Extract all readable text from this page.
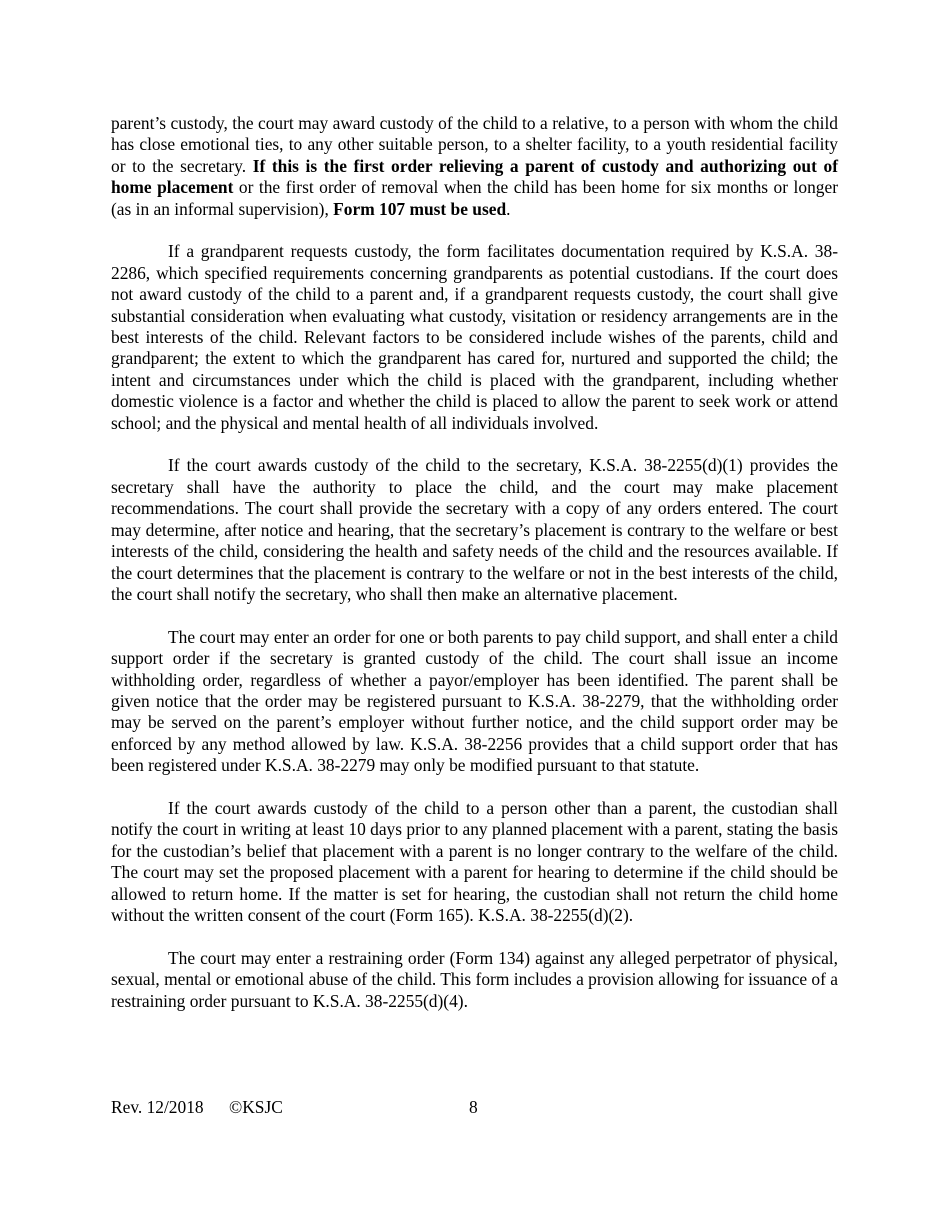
parent’s custody, the court may award custody of the child to a relative, to a person with whom the child has close emotional ties, to any other suitable person, to a shelter facility, to a youth residential facility or to the secretary. If this is the first order relieving a parent of custody and authorizing out of home placement or the first order of removal when the child has been home for six months or longer (as in an informal supervision), Form 107 must be used.

If a grandparent requests custody, the form facilitates documentation required by K.S.A. 38-2286, which specified requirements concerning grandparents as potential custodians. If the court does not award custody of the child to a parent and, if a grandparent requests custody, the court shall give substantial consideration when evaluating what custody, visitation or residency arrangements are in the best interests of the child. Relevant factors to be considered include wishes of the parents, child and grandparent; the extent to which the grandparent has cared for, nurtured and supported the child; the intent and circumstances under which the child is placed with the grandparent, including whether domestic violence is a factor and whether the child is placed to allow the parent to seek work or attend school; and the physical and mental health of all individuals involved.

If the court awards custody of the child to the secretary, K.S.A. 38-2255(d)(1) provides the secretary shall have the authority to place the child, and the court may make placement recommendations. The court shall provide the secretary with a copy of any orders entered. The court may determine, after notice and hearing, that the secretary’s placement is contrary to the welfare or best interests of the child, considering the health and safety needs of the child and the resources available. If the court determines that the placement is contrary to the welfare or not in the best interests of the child, the court shall notify the secretary, who shall then make an alternative placement.

The court may enter an order for one or both parents to pay child support, and shall enter a child support order if the secretary is granted custody of the child. The court shall issue an income withholding order, regardless of whether a payor/employer has been identified. The parent shall be given notice that the order may be registered pursuant to K.S.A. 38-2279, that the withholding order may be served on the parent’s employer without further notice, and the child support order may be enforced by any method allowed by law. K.S.A. 38-2256 provides that a child support order that has been registered under K.S.A. 38-2279 may only be modified pursuant to that statute.

If the court awards custody of the child to a person other than a parent, the custodian shall notify the court in writing at least 10 days prior to any planned placement with a parent, stating the basis for the custodian’s belief that placement with a parent is no longer contrary to the welfare of the child. The court may set the proposed placement with a parent for hearing to determine if the child should be allowed to return home. If the matter is set for hearing, the custodian shall not return the child home without the written consent of the court (Form 165). K.S.A. 38-2255(d)(2).

The court may enter a restraining order (Form 134) against any alleged perpetrator of physical, sexual, mental or emotional abuse of the child. This form includes a provision allowing for issuance of a restraining order pursuant to K.S.A. 38-2255(d)(4).

Rev. 12/2018 ©KSJC	8
